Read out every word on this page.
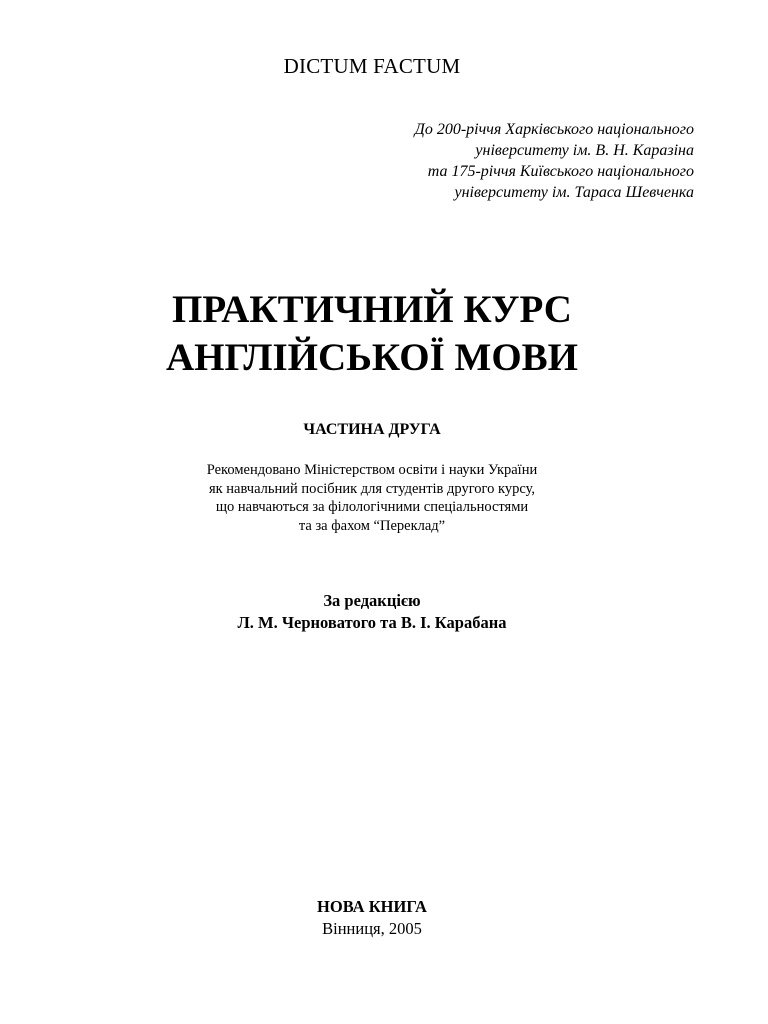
DICTUM FACTUM
До 200-річчя Харківського національного
університету ім. В. Н. Каразіна
та 175-річчя Київського національного
університету ім. Тараса Шевченка
ПРАКТИЧНИЙ КУРС
АНГЛІЙСЬКОЇ МОВИ
ЧАСТИНА ДРУГА
Рекомендовано Міністерством освіти і науки України
як навчальний посібник для студентів другого курсу,
що навчаються за філологічними спеціальностями
та за фахом “Переклад”
За редакцією
Л. М. Черноватого та В. І. Карабана
НОВА КНИГА
Вінниця, 2005
